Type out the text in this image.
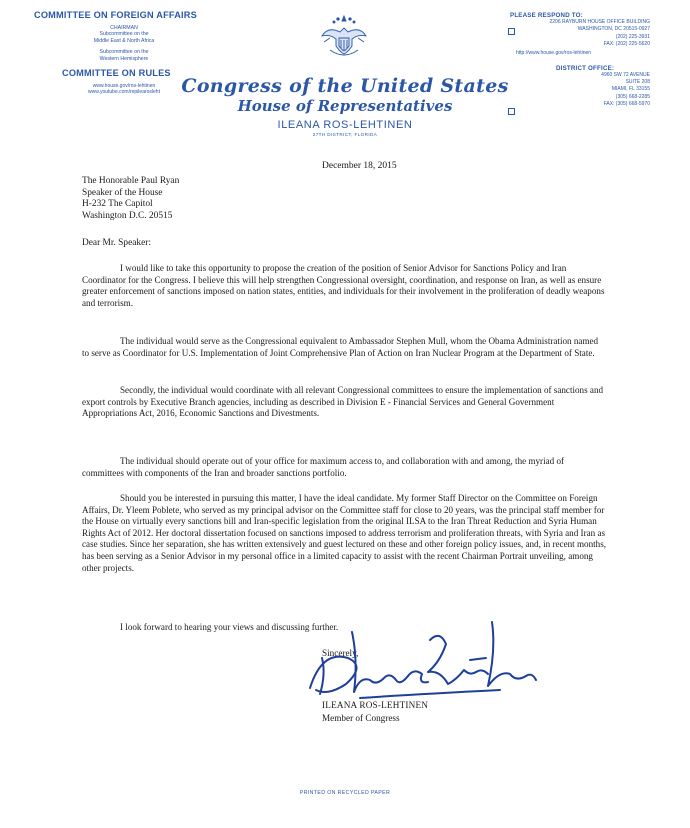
COMMITTEE ON FOREIGN AFFAIRS
CHAIRMAN
Subcommittee on the
Middle East & North Africa
Subcommittee on the
Western Hemisphere
COMMITTEE ON RULES
www.house.gov/ros-lehtinen
www.youtube.com/repilearosleht	Congress of the United States
House of Representatives
ILEANA ROS-LEHTINEN
27TH DISTRICT, FLORIDA
PLEASE RESPOND TO:
2206 RAYBURN HOUSE OFFICE BUILDING
WASHINGTON, DC 20515-0927
(202) 225-3931
FAX: (202) 225-5620
http://www.house.gov/ros-lehtinen
DISTRICT OFFICE:
4960 SW 72 AVENUE
SUITE 208
MIAMI, FL 33155
(305) 668-2285
FAX: (305) 668-5970
December 18, 2015
The Honorable Paul Ryan
Speaker of the House
H-232 The Capitol
Washington D.C. 20515
Dear Mr. Speaker:

I would like to take this opportunity to propose the creation of the position of Senior Advisor for Sanctions Policy and Iran Coordinator for the Congress. I believe this will help strengthen Congressional oversight, coordination, and response on Iran, as well as ensure greater enforcement of sanctions imposed on nation states, entities, and individuals for their involvement in the proliferation of deadly weapons and terrorism.

The individual would serve as the Congressional equivalent to Ambassador Stephen Mull, whom the Obama Administration named to serve as Coordinator for U.S. Implementation of Joint Comprehensive Plan of Action on Iran Nuclear Program at the Department of State.

Secondly, the individual would coordinate with all relevant Congressional committees to ensure the implementation of sanctions and export controls by Executive Branch agencies, including as described in Division E - Financial Services and General Government Appropriations Act, 2016, Economic Sanctions and Divestments.

The individual should operate out of your office for maximum access to, and collaboration with and among, the myriad of committees with components of the Iran and broader sanctions portfolio.

Should you be interested in pursuing this matter, I have the ideal candidate. My former Staff Director on the Committee on Foreign Affairs, Dr. Yleem Poblete, who served as my principal advisor on the Committee staff for close to 20 years, was the principal staff member for the House on virtually every sanctions bill and Iran-specific legislation from the original ILSA to the Iran Threat Reduction and Syria Human Rights Act of 2012. Her doctoral dissertation focused on sanctions imposed to address terrorism and proliferation threats, with Syria and Iran as case studies. Since her separation, she has written extensively and guest lectured on these and other foreign policy issues, and, in recent months, has been serving as a Senior Advisor in my personal office in a limited capacity to assist with the recent Chairman Portrait unveiling, among other projects.

I look forward to hearing your views and discussing further.

Sincerely,
ILEANA ROS-LEHTINEN
Member of Congress
PRINTED ON RECYCLED PAPER
